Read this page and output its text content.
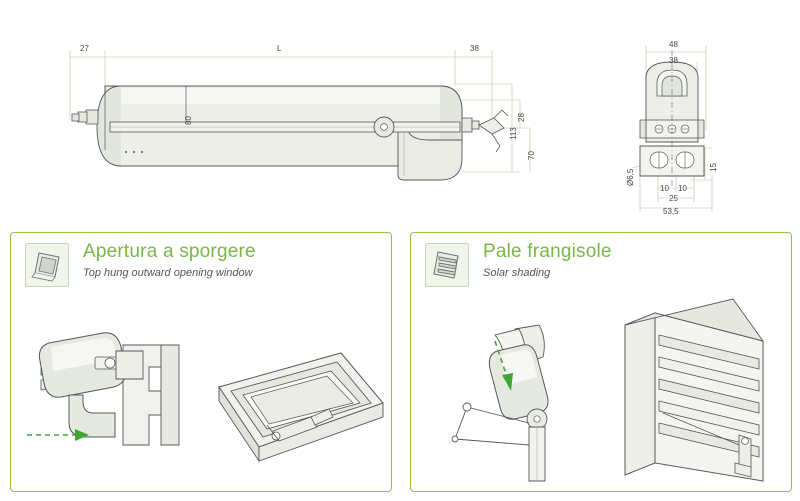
27	L	38
80	28
70
113
48
38
15
Ø6,5
10 10
25
53,5
Apertura a sporgere
Top hung outward opening window
Pale frangisole
Solar shading
